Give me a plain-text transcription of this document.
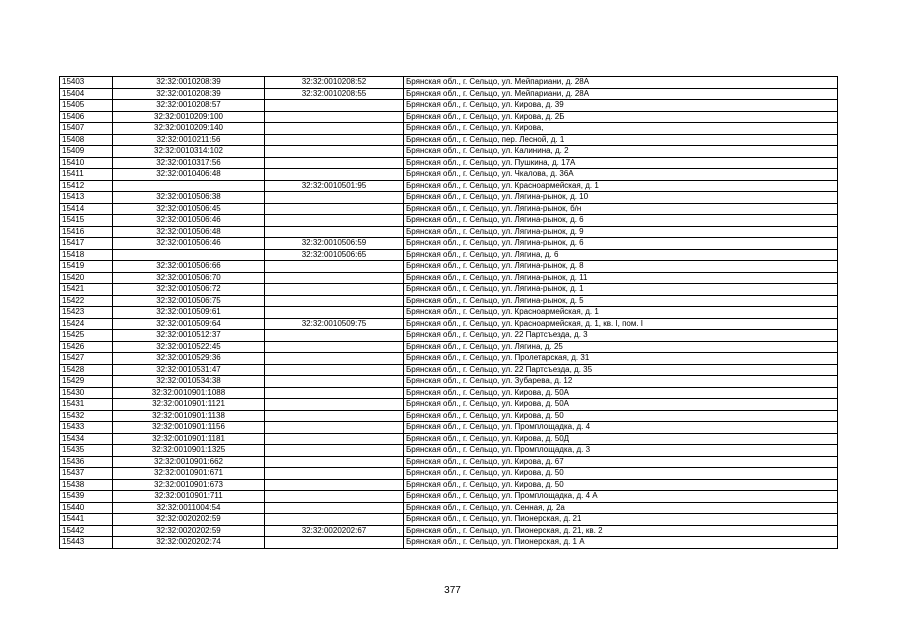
15403	32:32:0010208:39	32:32:0010208:52	Брянская обл., г. Сельцо, ул. Мейпариани, д. 28А
15404	32:32:0010208:39	32:32:0010208:55	Брянская обл., г. Сельцо, ул. Мейпариани, д. 28А
15405	32:32:0010208:57		Брянская обл., г. Сельцо, ул. Кирова, д. 39
15406	32:32:0010209:100		Брянская обл., г. Сельцо, ул. Кирова, д. 2Б
15407	32:32:0010209:140		Брянская обл., г. Сельцо, ул. Кирова,
15408	32:32:0010211:56		Брянская обл., г. Сельцо, пер. Лесной, д. 1
15409	32:32:0010314:102		Брянская обл., г. Сельцо, ул. Калинина, д. 2
15410	32:32:0010317:56		Брянская обл., г. Сельцо, ул. Пушкина, д. 17А
15411	32:32:0010406:48		Брянская обл., г. Сельцо, ул. Чкалова, д. 36А
15412		32:32:0010501:95	Брянская обл., г. Сельцо, ул. Красноармейская, д. 1
15413	32:32:0010506:38		Брянская обл., г. Сельцо, ул. Лягина-рынок, д. 10
15414	32:32:0010506:45		Брянская обл., г. Сельцо, ул. Лягина-рынок, б/н
15415	32:32:0010506:46		Брянская обл., г. Сельцо, ул. Лягина-рынок, д. 6
15416	32:32:0010506:48		Брянская обл., г. Сельцо, ул. Лягина-рынок, д. 9
15417	32:32:0010506:46	32:32:0010506:59	Брянская обл., г. Сельцо, ул. Лягина-рынок, д. 6
15418		32:32:0010506:65	Брянская обл., г. Сельцо, ул. Лягина, д. 6
15419	32:32:0010506:66		Брянская обл., г. Сельцо, ул. Лягина-рынок, д. 8
15420	32:32:0010506:70		Брянская обл., г. Сельцо, ул. Лягина-рынок, д. 11
15421	32:32:0010506:72		Брянская обл., г. Сельцо, ул. Лягина-рынок, д. 1
15422	32:32:0010506:75		Брянская обл., г. Сельцо, ул. Лягина-рынок, д. 5
15423	32:32:0010509:61		Брянская обл., г. Сельцо, ул. Красноармейская, д. 1
15424	32:32:0010509:64	32:32:0010509:75	Брянская обл., г. Сельцо, ул. Красноармейская, д. 1, кв. I, пом. I
15425	32:32:0010512:37		Брянская обл., г. Сельцо, ул. 22 Партсъезда, д. 3
15426	32:32:0010522:45		Брянская обл., г. Сельцо, ул. Лягина, д. 25
15427	32:32:0010529:36		Брянская обл., г. Сельцо, ул. Пролетарская, д. 31
15428	32:32:0010531:47		Брянская обл., г. Сельцо, ул. 22 Партсъезда, д. 35
15429	32:32:0010534:38		Брянская обл., г. Сельцо, ул. Зубарева, д. 12
15430	32:32:0010901:1088		Брянская обл., г. Сельцо, ул. Кирова, д. 50А
15431	32:32:0010901:1121		Брянская обл., г. Сельцо, ул. Кирова, д. 50А
15432	32:32:0010901:1138		Брянская обл., г. Сельцо, ул. Кирова, д. 50
15433	32:32:0010901:1156		Брянская обл., г. Сельцо, ул. Промплощадка, д. 4
15434	32:32:0010901:1181		Брянская обл., г. Сельцо, ул. Кирова, д. 50Д
15435	32:32:0010901:1325		Брянская обл., г. Сельцо, ул. Промплощадка, д. 3
15436	32:32:0010901:662		Брянская обл., г. Сельцо, ул. Кирова, д. 67
15437	32:32:0010901:671		Брянская обл., г. Сельцо, ул. Кирова, д. 50
15438	32:32:0010901:673		Брянская обл., г. Сельцо, ул. Кирова, д. 50
15439	32:32:0010901:711		Брянская обл., г. Сельцо, ул. Промплощадка, д. 4 А
15440	32:32:0011004:54		Брянская обл., г. Сельцо, ул. Сенная, д. 2а
15441	32:32:0020202:59		Брянская обл., г. Сельцо, ул. Пионерская, д. 21
15442	32:32:0020202:59	32:32:0020202:67	Брянская обл., г. Сельцо, ул. Пионерская, д. 21, кв. 2
15443	32:32:0020202:74		Брянская обл., г. Сельцо, ул. Пионерская, д. 1 А
377
